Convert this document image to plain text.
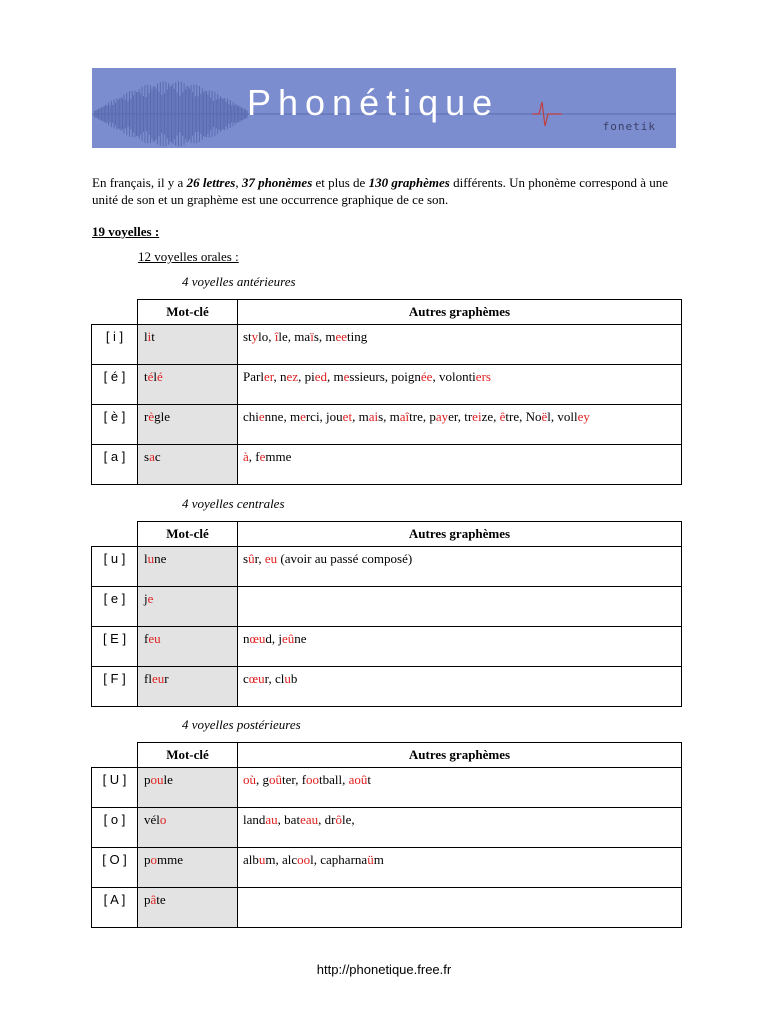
Phonétique
fonetik
En français, il y a 26 lettres, 37 phonèmes et plus de 130 graphèmes différents. Un phonème correspond à une unité de son et un graphème est une occurrence graphique de ce son.
19 voyelles :
12 voyelles orales :
4 voyelles antérieures
	Mot-clé	Autres graphèmes
[ i ]	lit	stylo, île, maïs, meeting
[ é ]	télé	Parler, nez, pied, messieurs, poignée, volontiers
[ è ]	règle	chienne, merci, jouet, mais, maître, payer, treize, être, Noël, volley
[ a ]	sac	à, femme
4 voyelles centrales
	Mot-clé	Autres graphèmes
[ u ]	lune	sûr, eu (avoir au passé composé)
[ e ]	je	
[ E ]	feu	nœud, jeûne
[ F ]	fleur	cœur, club
4 voyelles postérieures
	Mot-clé	Autres graphèmes
[ U ]	poule	où, goûter, football, août
[ o ]	vélo	landau, bateau, drôle,
[ O ]	pomme	album, alcool, capharnaüm
[ A ]	pâte	
http://phonetique.free.fr
